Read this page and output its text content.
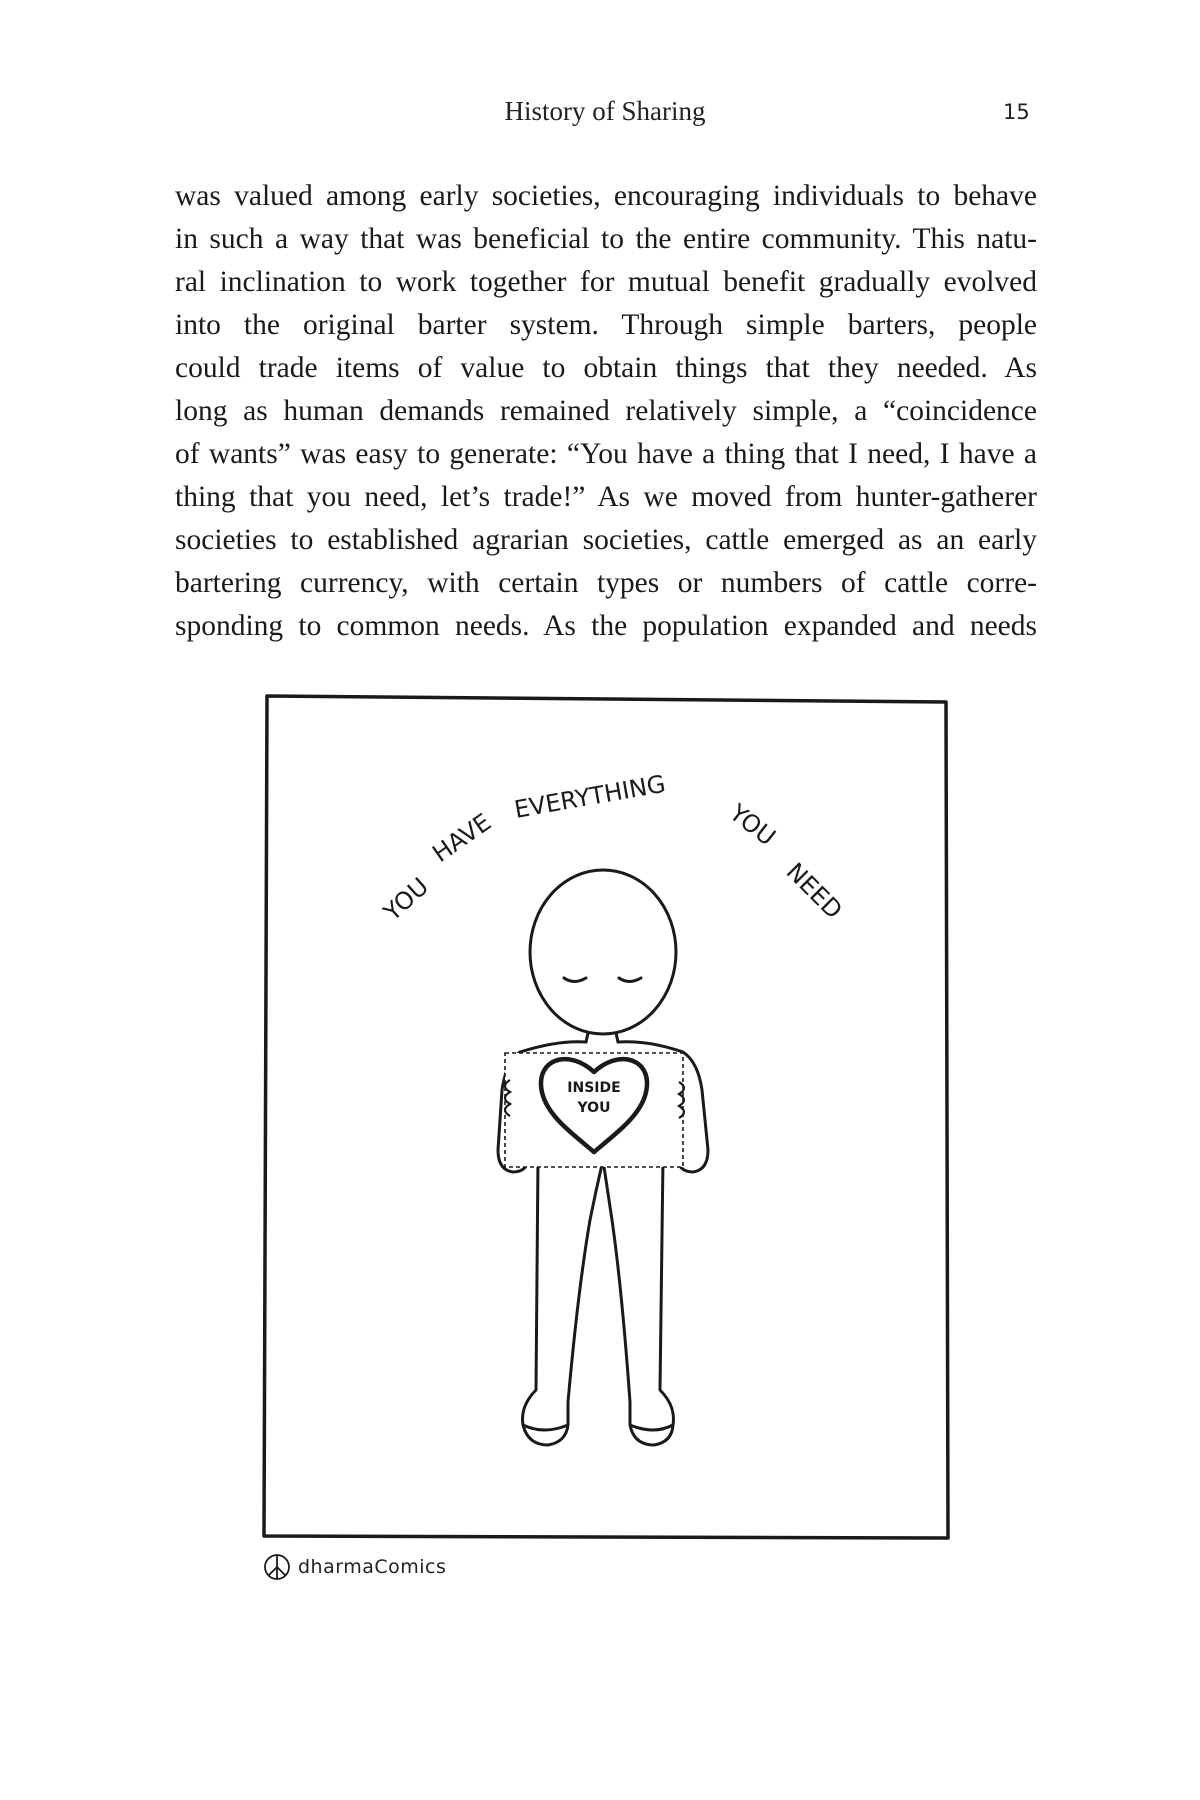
History of Sharing	15
was valued among early societies, encouraging individuals to behave
in such a way that was beneficial to the entire community. This natu-
ral inclination to work together for mutual benefit gradually evolved
into the original barter system. Through simple barters, people
could trade items of value to obtain things that they needed. As
long as human demands remained relatively simple, a “coincidence
of wants” was easy to generate: “You have a thing that I need, I have a
thing that you need, let’s trade!” As we moved from hunter-gatherer
societies to established agrarian societies, cattle emerged as an early
bartering currency, with certain types or numbers of cattle corre-
sponding to common needs. As the population expanded and needs
YOU
HAVE
EVERYTHING
YOU
NEED
INSIDE
YOU
dharmaComics
